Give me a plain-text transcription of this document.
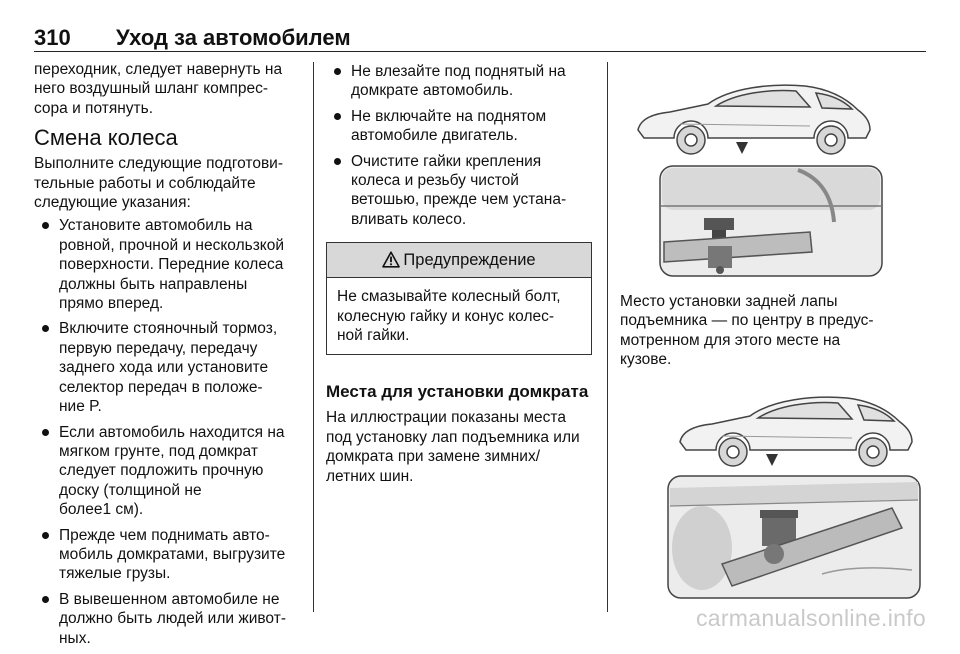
310 Уход за автомобилем

переходник, следует навернуть на
него воздушный шланг компрес-
сора и потянуть.

Смена колеса

Выполните следующие подготови-
тельные работы и соблюдайте
следующие указания:

Установите автомобиль на
ровной, прочной и нескользкой
поверхности. Передние колеса
должны быть направлены
прямо вперед.
Включите стояночный тормоз,
первую передачу, передачу
заднего хода или установите
селектор передач в положе-
ние P.
Если автомобиль находится на
мягком грунте, под домкрат
следует подложить прочную
доску (толщиной не
более1 см).
Прежде чем поднимать авто-
мобиль домкратами, выгрузите
тяжелые грузы.
В вывешенном автомобиле не
должно быть людей или живот-
ных.
Не влезайте под поднятый на
домкрате автомобиль.
Не включайте на поднятом
автомобиле двигатель.
Очистите гайки крепления
колеса и резьбу чистой
ветошью, прежде чем устана-
вливать колесо.
Предупреждение
Не смазывайте колесный болт,
колесную гайку и конус колес-
ной гайки.
Места для установки домкрата

На иллюстрации показаны места
под установку лап подъемника или
домкрата при замене зимних/
летних шин.

Место установки задней лапы
подъемника — по центру в предус-
мотренном для этого месте на
кузове.

carmanualsonline.info
